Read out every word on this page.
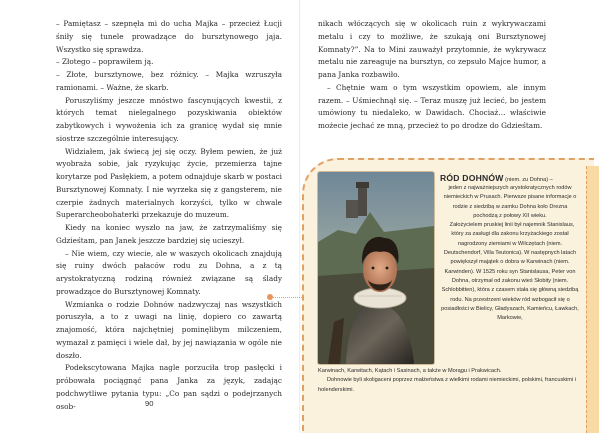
– Pamiętasz – szepnęła mi do ucha Majka – przecież Łucji śniły się tunele prowadzące do bursztynowego jaja. Wszystko się sprawdza.

– Złotego – poprawiłem ją.

– Złote, bursztynowe, bez różnicy. – Majka wzruszyła ramionami. – Ważne, że skarb.

Poruszyliśmy jeszcze mnóstwo fascynujących kwestii, z których temat nielegalnego pozyskiwania obiektów zabytkowych i wywożenia ich za granicę wydał się mnie siostrze szczególnie interesujący.

Widziałem, jak świecą jej się oczy. Byłem pewien, że już wyobraża sobie, jak ryzykując życie, przemierza tajne korytarze pod Pasłękiem, a potem odnajduje skarb w postaci Bursztynowej Komnaty. I nie wyrzeka się z gangsterem, nie czerpie żadnych materialnych korzyści, tylko w chwale Superarcheobohaterki przekazuje do muzeum.

Kiedy na koniec wyszło na jaw, że zatrzymaliśmy się Gdzieśtam, pan Janek jeszcze bardziej się ucieszył.

– Nie wiem, czy wiecie, ale w waszych okolicach znajdują się ruiny dwóch pałaców rodu zu Dohna, a z tą arystokratyczną rodziną również związane są ślady prowadzące do Bursztynowej Komnaty.

Wzmianka o rodzie Dohnów nadzwyczaj nas wszystkich poruszyła, a to z uwagi na linię, dopiero co zawartą znajomość, która najchętniej pominęlibym milczeniem, wymazał z pamięci i wiele dał, by jej nawiązania w ogóle nie doszło.

Podekscytowana Majka nagle porzuciła trop pasłęcki i próbowała pociągnąć pana Janka za język, zadając podchwytliwe pytania typu: „Co pan sądzi o podejrzanych osob-	90

nikach włóczących się w okolicach ruin z wykrywaczami metalu i czy to możliwe, że szukają oni Bursztynowej Komnaty?”. Na to Mini zauważył przytomnie, że wykrywacz metalu nie zareaguje na bursztyn, co zepsuło Majce humor, a pana Janka rozbawiło.

– Chętnie wam o tym wszystkim opowiem, ale innym razem. – Uśmiechnął się. – Teraz muszę już lecieć, bo jestem umówiony tu niedaleko, w Dawidach. Chociaż… właściwie możecie jechać ze mną, przecież to po drodze do Gdzieśtam.

RÓD DOHNÓW (niem. zu Dohna) –

jeden z najważniejszych arystokratycznych rodów niemieckich w Prusach. Pierwsze pisane informacje o rodzie z siedzibą w zamku Dohna koło Drezna pochodzą z połowy XII wieku.

Założycielem pruskiej linii był najemnik Stanislaus, który za zasługi dla zakonu krzyżackiego został nagrodzony ziemiami w Wilczętach (niem. Deutschendorf, Villa Teutonica). W następnych latach powiększył majątek o dobra w Karwinach (niem. Karwinden). W 1525 roku syn Stanislausa, Peter von Dohna, otrzymał od zakonu wieś Słobity (niem. Schlobbitten), która z czasem stała się główną siedzibą rodu. Na przestrzeni wieków ród wzbogacił się o posiadłości w Bielicy, Gładyszach, Kamieńcu, Ławkach, Markowie,

Karwinach, Karwitach, Kątach i Sasinach, a także w Morągu i Prakwicach.

Dohnowie byli skoligaceni poprzez małżeństwa z wielkimi rodami niemieckimi, polskimi, francuskimi i holenderskimi.
